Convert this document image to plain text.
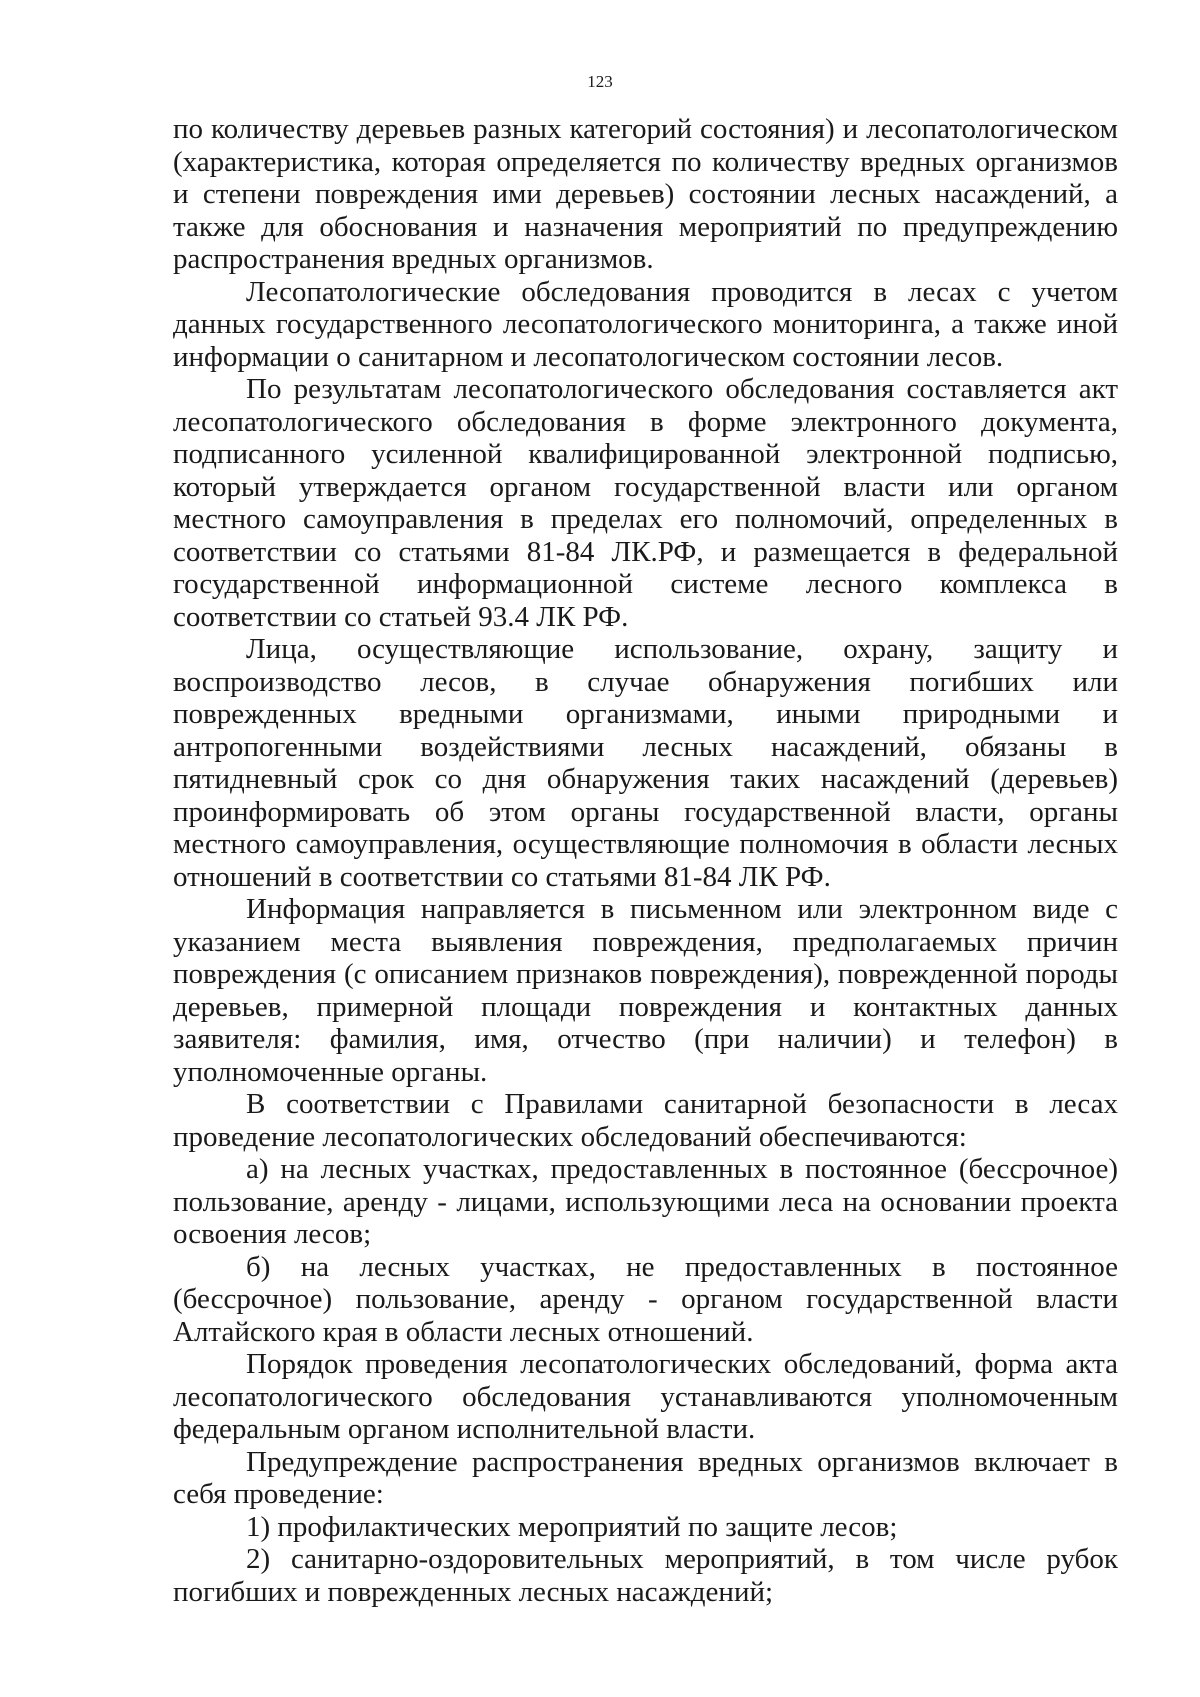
123

по количеству деревьев разных категорий состояния) и лесопатологическом (характеристика, которая определяется по количеству вредных организмов и степени повреждения ими деревьев) состоянии лесных насаждений, а также для обоснования и назначения мероприятий по предупреждению распространения вредных организмов.

Лесопатологические обследования проводится в лесах с учетом данных государственного лесопатологического мониторинга, а также иной информации о санитарном и лесопатологическом состоянии лесов.

По результатам лесопатологического обследования составляется акт лесопатологического обследования в форме электронного документа, подписанного усиленной квалифицированной электронной подписью, который утверждается органом государственной власти или органом местного самоуправления в пределах его полномочий, определенных в соответствии со статьями 81-84 ЛК.РФ, и размещается в федеральной государственной информационной системе лесного комплекса в соответствии со статьей 93.4 ЛК РФ.

Лица, осуществляющие использование, охрану, защиту и воспроизводство лесов, в случае обнаружения погибших или поврежденных вредными организмами, иными природными и антропогенными воздействиями лесных насаждений, обязаны в пятидневный срок со дня обнаружения таких насаждений (деревьев) проинформировать об этом органы государственной власти, органы местного самоуправления, осуществляющие полномочия в области лесных отношений в соответствии со статьями 81-84 ЛК РФ.

Информация направляется в письменном или электронном виде с указанием места выявления повреждения, предполагаемых причин повреждения (с описанием признаков повреждения), поврежденной породы деревьев, примерной площади повреждения и контактных данных заявителя: фамилия, имя, отчество (при наличии) и телефон) в уполномоченные органы.

В соответствии с Правилами санитарной безопасности в лесах проведение лесопатологических обследований обеспечиваются:

а) на лесных участках, предоставленных в постоянное (бессрочное) пользование, аренду - лицами, использующими леса на основании проекта освоения лесов;

б) на лесных участках, не предоставленных в постоянное (бессрочное) пользование, аренду - органом государственной власти Алтайского края в области лесных отношений.

Порядок проведения лесопатологических обследований, форма акта лесопатологического обследования устанавливаются уполномоченным федеральным органом исполнительной власти.

Предупреждение распространения вредных организмов включает в себя проведение:

1) профилактических мероприятий по защите лесов;

2) санитарно-оздоровительных мероприятий, в том числе рубок погибших и поврежденных лесных насаждений;
